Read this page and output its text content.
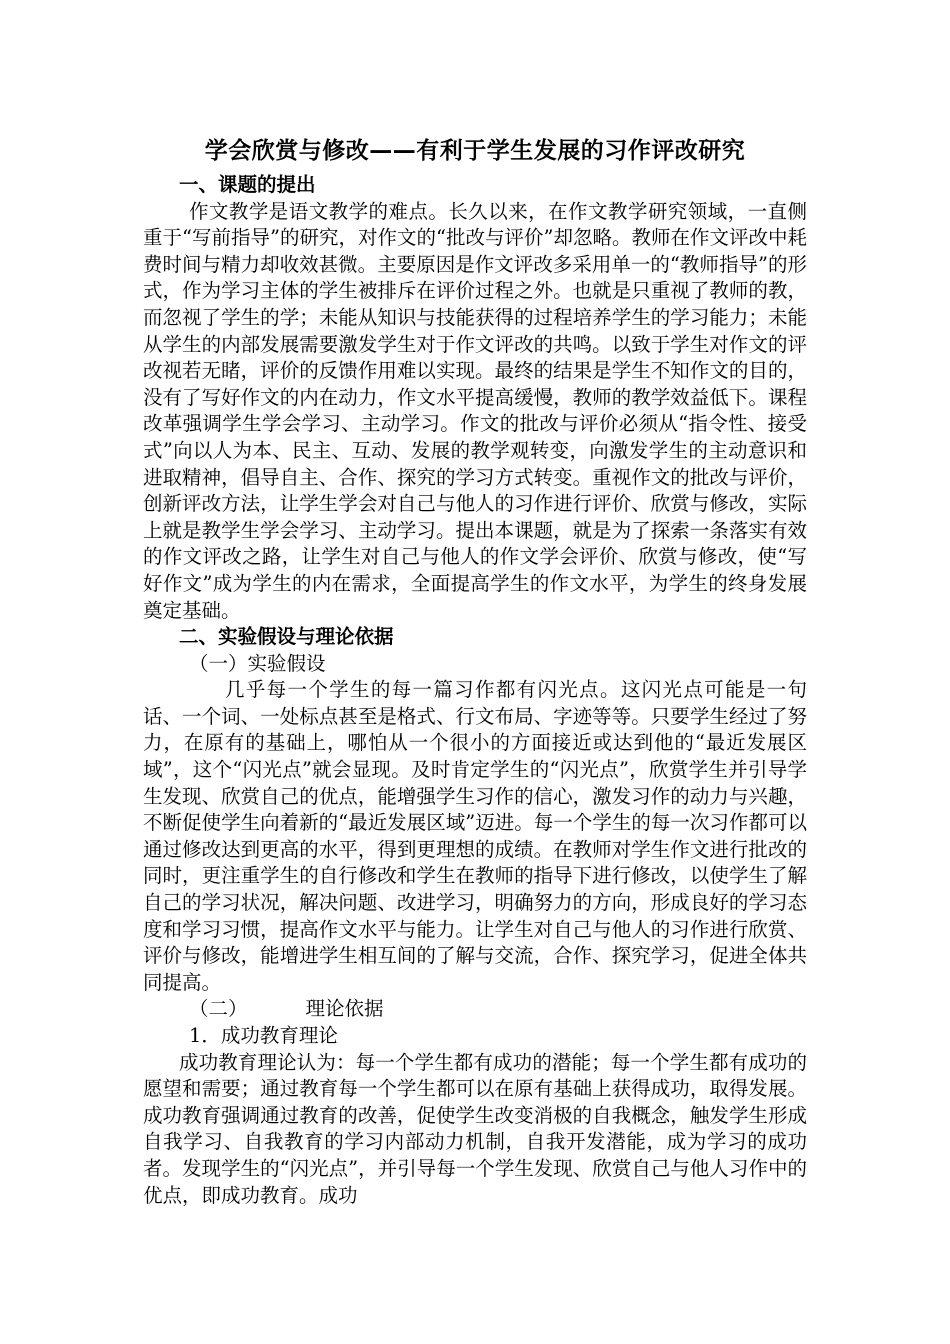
学会欣赏与修改——有利于学生发展的习作评改研究

一、课题的提出

作文教学是语文教学的难点。长久以来，在作文教学研究领域，一直侧重于“写前指导”的研究，对作文的“批改与评价”却忽略。教师在作文评改中耗费时间与精力却收效甚微。主要原因是作文评改多采用单一的“教师指导”的形式，作为学习主体的学生被排斥在评价过程之外。也就是只重视了教师的教，而忽视了学生的学；未能从知识与技能获得的过程培养学生的学习能力；未能从学生的内部发展需要激发学生对于作文评改的共鸣。以致于学生对作文的评改视若无睹，评价的反馈作用难以实现。最终的结果是学生不知作文的目的，没有了写好作文的内在动力，作文水平提高缓慢，教师的教学效益低下。课程改革强调学生学会学习、主动学习。作文的批改与评价必须从“指令性、接受式”向以人为本、民主、互动、发展的教学观转变，向激发学生的主动意识和进取精神，倡导自主、合作、探究的学习方式转变。重视作文的批改与评价，创新评改方法，让学生学会对自己与他人的习作进行评价、欣赏与修改，实际上就是教学生学会学习、主动学习。提出本课题，就是为了探索一条落实有效的作文评改之路，让学生对自己与他人的作文学会评价、欣赏与修改，使“写好作文”成为学生的内在需求，全面提高学生的作文水平，为学生的终身发展奠定基础。

二、实验假设与理论依据

（一）实验假设

几乎每一个学生的每一篇习作都有闪光点。这闪光点可能是一句话、一个词、一处标点甚至是格式、行文布局、字迹等等。只要学生经过了努力，在原有的基础上，哪怕从一个很小的方面接近或达到他的“最近发展区域”，这个“闪光点”就会显现。及时肯定学生的“闪光点”，欣赏学生并引导学生发现、欣赏自己的优点，能增强学生习作的信心，激发习作的动力与兴趣，不断促使学生向着新的“最近发展区域”迈进。每一个学生的每一次习作都可以通过修改达到更高的水平，得到更理想的成绩。在教师对学生作文进行批改的同时，更注重学生的自行修改和学生在教师的指导下进行修改，以使学生了解自己的学习状况，解决问题、改进学习，明确努力的方向，形成良好的学习态度和学习习惯，提高作文水平与能力。让学生对自己与他人的习作进行欣赏、评价与修改，能增进学生相互间的了解与交流，合作、探究学习，促进全体共同提高。

（二）	理论依据

1．成功教育理论

成功教育理论认为：每一个学生都有成功的潜能；每一个学生都有成功的愿望和需要；通过教育每一个学生都可以在原有基础上获得成功，取得发展。成功教育强调通过教育的改善，促使学生改变消极的自我概念，触发学生形成自我学习、自我教育的学习内部动力机制，自我开发潜能，成为学习的成功者。发现学生的“闪光点”，并引导每一个学生发现、欣赏自己与他人习作中的优点，即成功教育。成功
